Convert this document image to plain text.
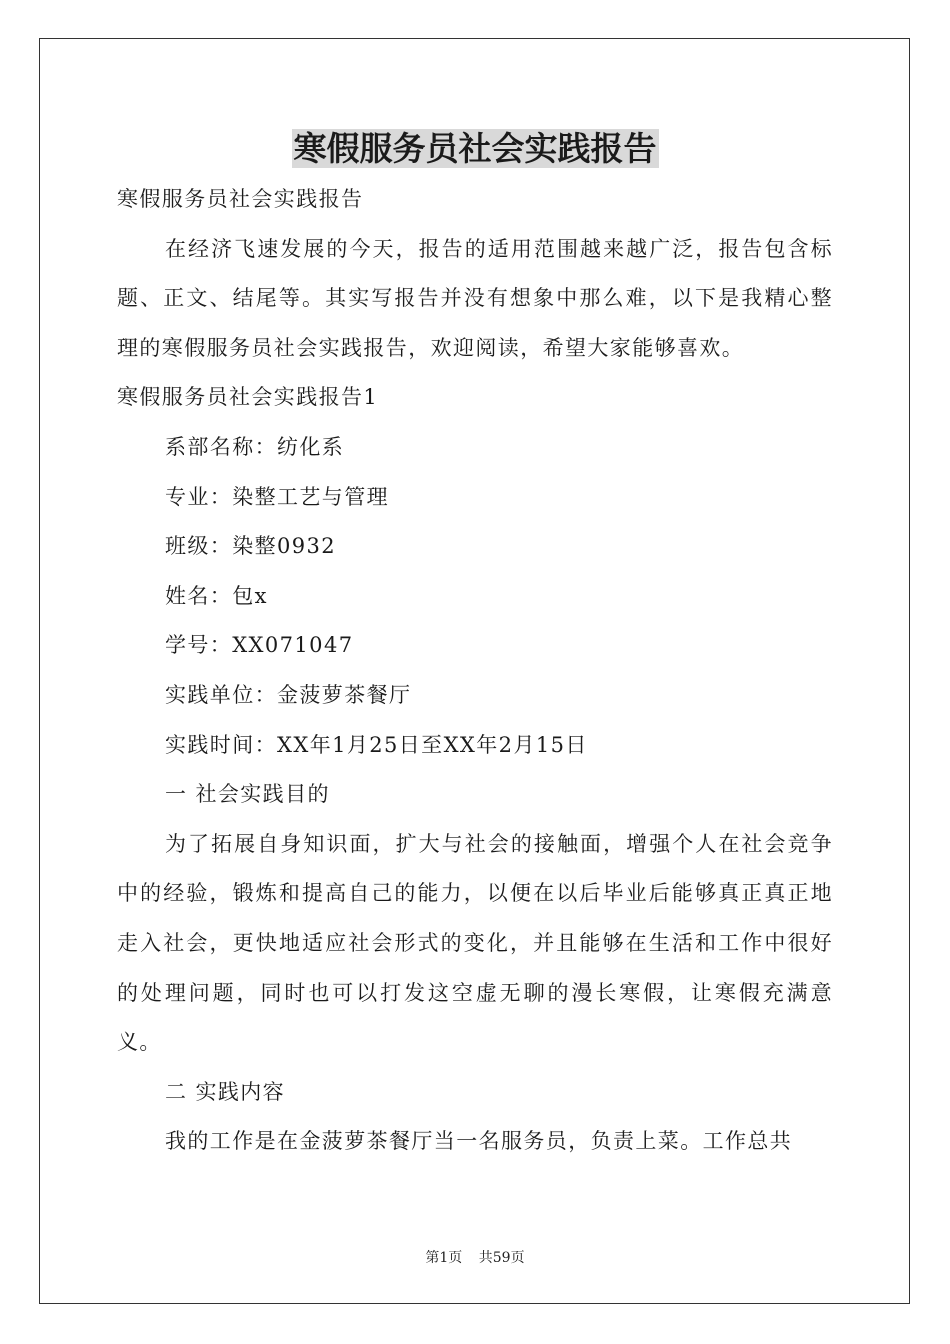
寒假服务员社会实践报告

寒假服务员社会实践报告

在经济飞速发展的今天，报告的适用范围越来越广泛，报告包含标题、正文、结尾等。其实写报告并没有想象中那么难，以下是我精心整理的寒假服务员社会实践报告，欢迎阅读，希望大家能够喜欢。

寒假服务员社会实践报告1

系部名称：纺化系

专业：染整工艺与管理

班级：染整0932

姓名：包x

学号：XX071047

实践单位：金菠萝茶餐厅

实践时间：XX年1月25日至XX年2月15日

一 社会实践目的

为了拓展自身知识面，扩大与社会的接触面，增强个人在社会竞争中的经验，锻炼和提高自己的能力，以便在以后毕业后能够真正真正地走入社会，更快地适应社会形式的变化，并且能够在生活和工作中很好的处理问题，同时也可以打发这空虚无聊的漫长寒假，让寒假充满意义。

二 实践内容

我的工作是在金菠萝茶餐厅当一名服务员，负责上菜。工作总共

第1页 共59页
